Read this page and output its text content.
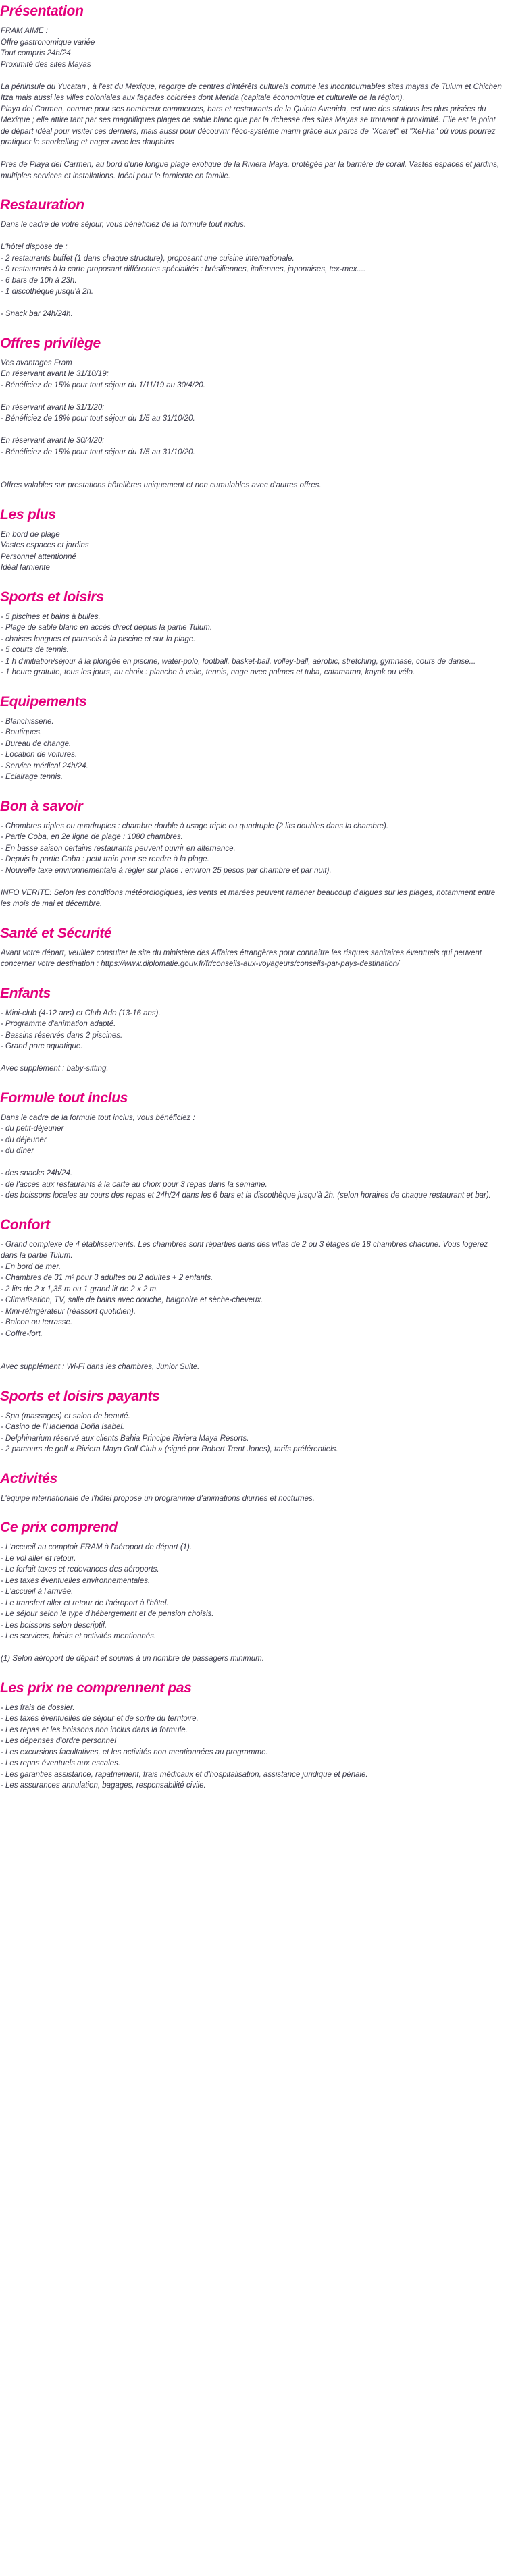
Présentation

FRAM AIME :

Offre gastronomique variée

Tout compris 24h/24

Proximité des sites Mayas

La péninsule du Yucatan , à l'est du Mexique, regorge de centres d'intérêts culturels comme les incontournables sites mayas de Tulum et Chichen Itza mais aussi les villes coloniales aux façades colorées dont Merida (capitale économique et culturelle de la région).

Playa del Carmen, connue pour ses nombreux commerces, bars et restaurants de la Quinta Avenida, est une des stations les plus prisées du Mexique ; elle attire tant par ses magnifiques plages de sable blanc que par la richesse des sites Mayas se trouvant à proximité. Elle est le point de départ idéal pour visiter ces derniers, mais aussi pour découvrir l'éco-système marin grâce aux parcs de "Xcaret" et "Xel-ha" où vous pourrez pratiquer le snorkelling et nager avec les dauphins

Près de Playa del Carmen, au bord d'une longue plage exotique de la Riviera Maya, protégée par la barrière de corail. Vastes espaces et jardins, multiples services et installations. Idéal pour le farniente en famille.

Restauration

Dans le cadre de votre séjour, vous bénéficiez de la formule tout inclus.

L'hôtel dispose de :

- 2 restaurants buffet (1 dans chaque structure), proposant une cuisine internationale.

- 9 restaurants à la carte proposant différentes spécialités : brésiliennes, italiennes, japonaises, tex-mex....

- 6 bars de 10h à 23h.

- 1 discothèque jusqu'à 2h.

- Snack bar 24h/24h.

Offres privilège

Vos avantages Fram

En réservant avant le 31/10/19:

- Bénéficiez de 15% pour tout séjour du 1/11/19 au 30/4/20.

En réservant avant le 31/1/20:

- Bénéficiez de 18% pour tout séjour du 1/5 au 31/10/20.

En réservant avant le 30/4/20:

- Bénéficiez de 15% pour tout séjour du 1/5 au 31/10/20.

Offres valables sur prestations hôtelières uniquement et non cumulables avec d'autres offres.

Les plus

En bord de plage

Vastes espaces et jardins

Personnel attentionné

Idéal farniente

Sports et loisirs

- 5 piscines et bains à bulles.

- Plage de sable blanc en accès direct depuis la partie Tulum.

- chaises longues et parasols à la piscine et sur la plage.

- 5 courts de tennis.

- 1 h d'initiation/séjour à la plongée en piscine, water-polo, football, basket-ball, volley-ball, aérobic, stretching, gymnase, cours de danse...

- 1 heure gratuite, tous les jours, au choix : planche à voile, tennis, nage avec palmes et tuba, catamaran, kayak ou vélo.

Equipements

- Blanchisserie.

- Boutiques.

- Bureau de change.

- Location de voitures.

- Service médical 24h/24.

- Eclairage tennis.

Bon à savoir

- Chambres triples ou quadruples : chambre double à usage triple ou quadruple (2 lits doubles dans la chambre).

- Partie Coba, en 2e ligne de plage : 1080 chambres.

- En basse saison certains restaurants peuvent ouvrir en alternance.

- Depuis la partie Coba : petit train pour se rendre à la plage.

- Nouvelle taxe environnementale à régler sur place : environ 25 pesos par chambre et par nuit).

INFO VERITE: Selon les conditions météorologiques, les vents et marées peuvent ramener beaucoup d'algues sur les plages, notamment entre les mois de mai et décembre.

Santé et Sécurité

Avant votre départ, veuillez consulter le site du ministère des Affaires étrangères pour connaître les risques sanitaires éventuels qui peuvent concerner votre destination : https://www.diplomatie.gouv.fr/fr/conseils-aux-voyageurs/conseils-par-pays-destination/

Enfants

- Mini-club (4-12 ans) et Club Ado (13-16 ans).

- Programme d'animation adapté.

- Bassins réservés dans 2 piscines.

- Grand parc aquatique.

Avec supplément : baby-sitting.

Formule tout inclus

Dans le cadre de la formule tout inclus, vous bénéficiez :

- du petit-déjeuner

- du déjeuner

- du dîner

- des snacks 24h/24.

- de l'accès aux restaurants à la carte au choix pour 3 repas dans la semaine.

- des boissons locales au cours des repas et 24h/24 dans les 6 bars et la discothèque jusqu'à 2h. (selon horaires de chaque restaurant et bar).

Confort

- Grand complexe de 4 établissements. Les chambres sont réparties dans des villas de 2 ou 3 étages de 18 chambres chacune. Vous logerez dans la partie Tulum.

- En bord de mer.

- Chambres de 31 m² pour 3 adultes ou 2 adultes + 2 enfants.

- 2 lits de 2 x 1,35 m ou 1 grand lit de 2 x 2 m.

- Climatisation, TV, salle de bains avec douche, baignoire et sèche-cheveux.

- Mini-réfrigérateur (réassort quotidien).

- Balcon ou terrasse.

- Coffre-fort.

Avec supplément : Wi-Fi dans les chambres, Junior Suite.

Sports et loisirs payants

- Spa (massages) et salon de beauté.

- Casino de l'Hacienda Doña Isabel.

- Delphinarium réservé aux clients Bahia Principe Riviera Maya Resorts.

- 2 parcours de golf « Riviera Maya Golf Club » (signé par Robert Trent Jones), tarifs préférentiels.

Activités

L'équipe internationale de l'hôtel propose un programme d'animations diurnes et nocturnes.

Ce prix comprend

- L'accueil au comptoir FRAM à l'aéroport de départ (1).

- Le vol aller et retour.

- Le forfait taxes et redevances des aéroports.

- Les taxes éventuelles environnementales.

- L'accueil à l'arrivée.

- Le transfert aller et retour de l'aéroport à l'hôtel.

- Le séjour selon le type d'hébergement et de pension choisis.

- Les boissons selon descriptif.

- Les services, loisirs et activités mentionnés.

(1) Selon aéroport de départ et soumis à un nombre de passagers minimum.

Les prix ne comprennent pas

- Les frais de dossier.

- Les taxes éventuelles de séjour et de sortie du territoire.

- Les repas et les boissons non inclus dans la formule.

- Les dépenses d'ordre personnel

- Les excursions facultatives, et les activités non mentionnées au programme.

- Les repas éventuels aux escales.

- Les garanties assistance, rapatriement, frais médicaux et d'hospitalisation, assistance juridique et pénale.

- Les assurances annulation, bagages, responsabilité civile.
